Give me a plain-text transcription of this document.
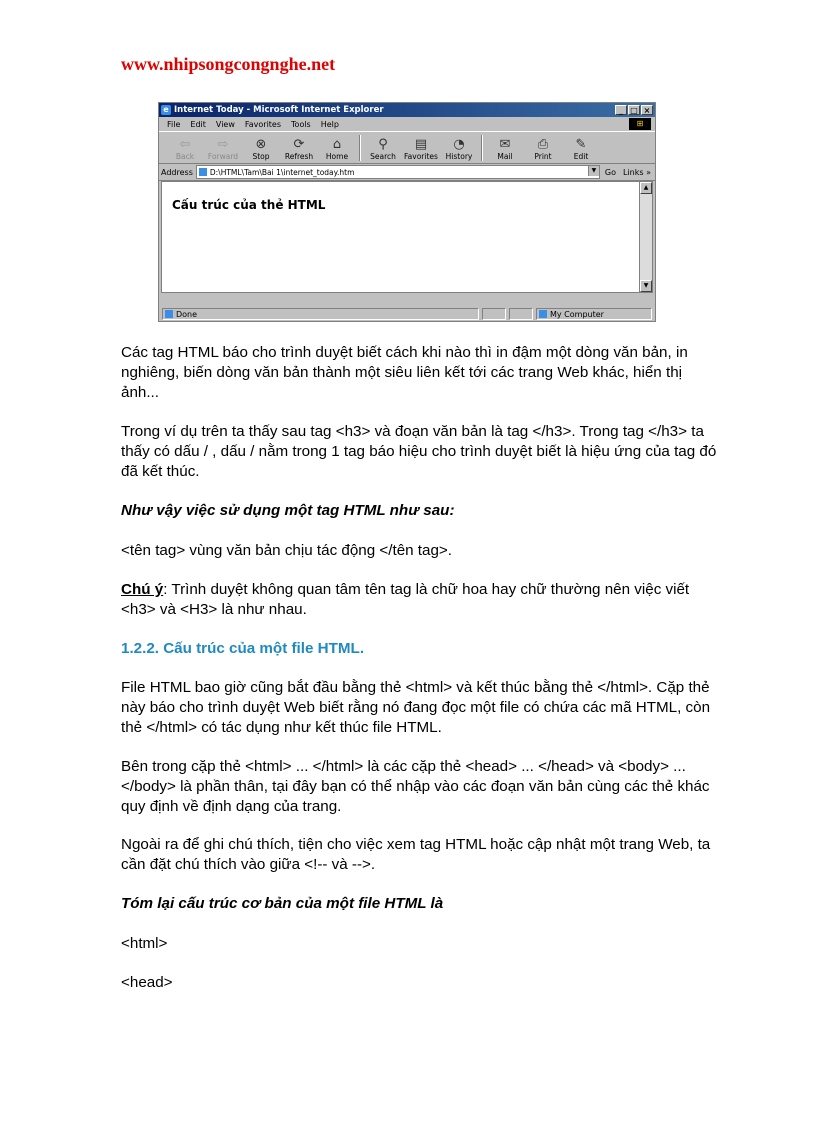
www.nhipsongcongnghe.net
e Internet Today - Microsoft Internet Explorer	_ □ ×
File Edit View Favorites Tools Help	⊞
⇦
Back
⇨
Forward
⊗
Stop
⟳
Refresh
⌂
Home
⚲
Search
▤
Favorites
◔
History
✉
Mail
⎙
Print
✎
Edit
Address D:\HTML\Tam\Bai 1\internet_today.htm	▼	Go Links »
Cấu trúc của thẻ HTML
▲
▼
Done	My Computer

Các tag HTML báo cho trình duyệt biết cách khi nào thì in đậm một dòng văn bản, in nghiêng, biến dòng văn bản thành một siêu liên kết tới các trang Web khác, hiển thị ảnh...

Trong ví dụ trên ta thấy sau tag <h3> và đoạn văn bản là tag </h3>. Trong tag </h3> ta thấy có dấu / , dấu / nằm trong 1 tag báo hiệu cho trình duyệt biết là hiệu ứng của tag đó đã kết thúc.

Như vậy việc sử dụng một tag HTML như sau:

<tên tag> vùng văn bản chịu tác động </tên tag>.

Chú ý: Trình duyệt không quan tâm tên tag là chữ hoa hay chữ thường nên việc viết <h3> và <H3> là như nhau.

1.2.2. Cấu trúc của một file HTML.

File HTML bao giờ cũng bắt đầu bằng thẻ <html> và kết thúc bằng thẻ </html>. Cặp thẻ này báo cho trình duyệt Web biết rằng nó đang đọc một file có chứa các mã HTML, còn thẻ </html> có tác dụng như kết thúc file HTML.

Bên trong cặp thẻ <html> ... </html> là các cặp thẻ <head> ... </head> và <body> ... </body> là phần thân, tại đây bạn có thể nhập vào các đoạn văn bản cùng các thẻ khác quy định về định dạng của trang.

Ngoài ra để ghi chú thích, tiện cho việc xem tag HTML hoặc cập nhật một trang Web, ta cần đặt chú thích vào giữa <!-- và -->.

Tóm lại cấu trúc cơ bản của một file HTML là

<html>

<head>
